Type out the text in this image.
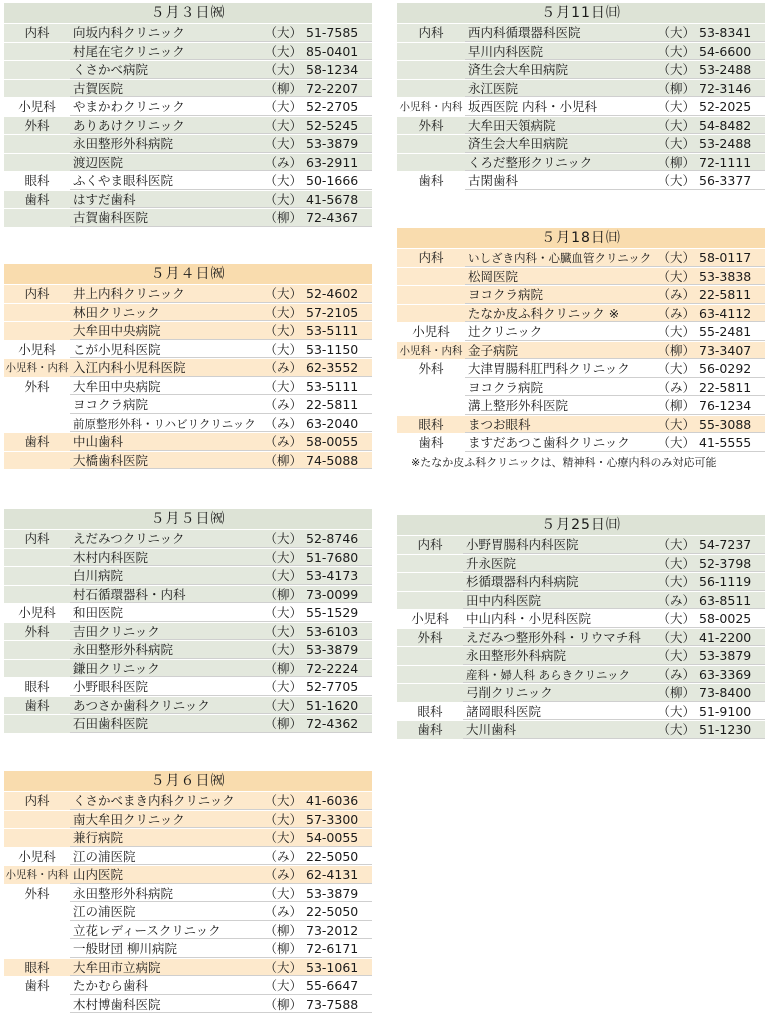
５月３日㈷
内科	向坂内科クリニック	（大） 51-7585
村尾在宅クリニック	（大） 85-0401
くさかべ病院	（大） 58-1234
古賀医院	（柳） 72-2207
小児科	やまかわクリニック	（大） 52-2705
外科	ありあけクリニック	（大） 52-5245
永田整形外科病院	（大） 53-3879
渡辺医院	（み） 63-2911
眼科	ふくやま眼科医院	（大） 50-1666
歯科	はすだ歯科	（大） 41-5678
古賀歯科医院	（柳） 72-4367
５月４日㈷
内科	井上内科クリニック	（大） 52-4602
林田クリニック	（大） 57-2105
大牟田中央病院	（大） 53-5111
小児科	こが小児科医院	（大） 53-1150
小児科・内科 入江内科小児科医院	（み） 62-3552
外科	大牟田中央病院	（大） 53-5111
ヨコクラ病院	（み） 22-5811
前原整形外科・リハビリクリニック （み） 63-2040
歯科	中山歯科	（み） 58-0055
大橋歯科医院	（柳） 74-5088
５月５日㈷
内科	えだみつクリニック	（大） 52-8746
木村内科医院	（大） 51-7680
白川病院	（大） 53-4173
村石循環器科・内科	（柳） 73-0099
小児科	和田医院	（大） 55-1529
外科	吉田クリニック	（大） 53-6103
永田整形外科病院	（大） 53-3879
鎌田クリニック	（柳） 72-2224
眼科	小野眼科医院	（大） 52-7705
歯科	あつさか歯科クリニック	（大） 51-1620
石田歯科医院	（柳） 72-4362
５月６日㈷
内科	くさかべまき内科クリニック	（大） 41-6036
南大牟田クリニック	（大） 57-3300
兼行病院	（大） 54-0055
小児科	江の浦医院	（み） 22-5050
小児科・内科 山内医院	（み） 62-4131
外科	永田整形外科病院	（大） 53-3879
江の浦医院	（み） 22-5050
立花レディースクリニック	（柳） 73-2012
一般財団 柳川病院	（柳） 72-6171
眼科	大牟田市立病院	（大） 53-1061
歯科	たかむら歯科	（大） 55-6647
木村博歯科医院	（柳） 73-7588
５月11日㈰
内科	西内科循環器科医院	（大） 53-8341
早川内科医院	（大） 54-6600
済生会大牟田病院	（大） 53-2488
永江医院	（柳） 72-3146
小児科・内科 坂西医院 内科・小児科	（大） 52-2025
外科	大牟田天領病院	（大） 54-8482
済生会大牟田病院	（大） 53-2488
くろだ整形クリニック	（柳） 72-1111
歯科	古閑歯科	（大） 56-3377
５月18日㈰
内科	いしざき内科・心臓血管クリニック （大） 58-0117
松岡医院	（大） 53-3838
ヨコクラ病院	（み） 22-5811
たなか皮ふ科クリニック ※	（み） 63-4112
小児科	辻クリニック	（大） 55-2481
小児科・内科 金子病院	（柳） 73-3407
外科	大津胃腸科肛門科クリニック	（大） 56-0292
ヨコクラ病院	（み） 22-5811
溝上整形外科医院	（柳） 76-1234
眼科	まつお眼科	（大） 55-3088
歯科	ますだあつこ歯科クリニック	（大） 41-5555
※たなか皮ふ科クリニックは、精神科・心療内科のみ対応可能
５月25日㈰
内科	小野胃腸科内科医院	（大） 54-7237
升永医院	（大） 52-3798
杉循環器科内科病院	（大） 56-1119
田中内科医院	（み） 63-8511
小児科	中山内科・小児科医院	（大） 58-0025
外科	えだみつ整形外科・リウマチ科	（大） 41-2200
永田整形外科病院	（大） 53-3879
産科・婦人科 あらきクリニック	（み） 63-3369
弓削クリニック	（柳） 73-8400
眼科	諸岡眼科医院	（大） 51-9100
歯科	大川歯科	（大） 51-1230
